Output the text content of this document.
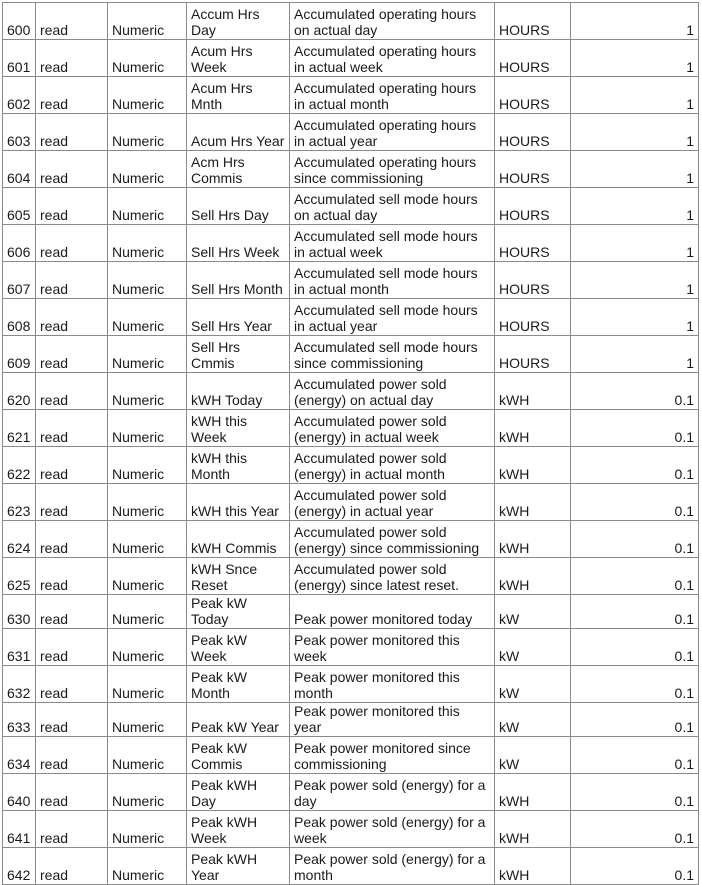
600	read	Numeric	Accum Hrs Day	Accumulated operating hours on actual day	HOURS	1
601	read	Numeric	Acum Hrs Week	Accumulated operating hours in actual week	HOURS	1
602	read	Numeric	Acum Hrs Mnth	Accumulated operating hours in actual month	HOURS	1
603	read	Numeric	Acum Hrs Year	Accumulated operating hours in actual year	HOURS	1
604	read	Numeric	Acm Hrs Commis	Accumulated operating hours since commissioning	HOURS	1
605	read	Numeric	Sell Hrs Day	Accumulated sell mode hours on actual day	HOURS	1
606	read	Numeric	Sell Hrs Week	Accumulated sell mode hours in actual week	HOURS	1
607	read	Numeric	Sell Hrs Month	Accumulated sell mode hours in actual month	HOURS	1
608	read	Numeric	Sell Hrs Year	Accumulated sell mode hours in actual year	HOURS	1
609	read	Numeric	Sell Hrs Cmmis	Accumulated sell mode hours since commissioning	HOURS	1
620	read	Numeric	kWH Today	Accumulated power sold (energy) on actual day	kWH	0.1
621	read	Numeric	kWH this Week	Accumulated power sold (energy) in actual week	kWH	0.1
622	read	Numeric	kWH this Month	Accumulated power sold (energy) in actual month	kWH	0.1
623	read	Numeric	kWH this Year	Accumulated power sold (energy) in actual year	kWH	0.1
624	read	Numeric	kWH Commis	Accumulated power sold (energy) since commissioning	kWH	0.1
625	read	Numeric	kWH Snce Reset	Accumulated power sold (energy) since latest reset.	kWH	0.1
630	read	Numeric	Peak kW Today	Peak power monitored today	kW	0.1
631	read	Numeric	Peak kW Week	Peak power monitored this week	kW	0.1
632	read	Numeric	Peak kW Month	Peak power monitored this month	kW	0.1
633	read	Numeric	Peak kW Year	Peak power monitored this year	kW	0.1
634	read	Numeric	Peak kW Commis	Peak power monitored since commissioning	kW	0.1
640	read	Numeric	Peak kWH Day	Peak power sold (energy) for a day	kWH	0.1
641	read	Numeric	Peak kWH Week	Peak power sold (energy) for a week	kWH	0.1
642	read	Numeric	Peak kWH Year	Peak power sold (energy) for a month	kWH	0.1
